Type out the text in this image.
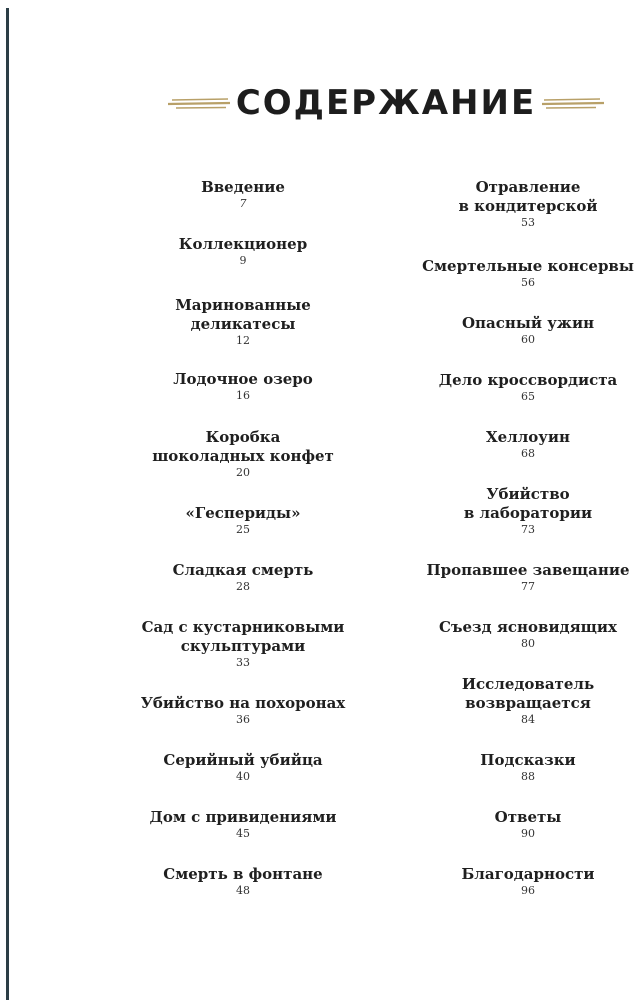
СОДЕРЖАНИЕ
Введение
7
Коллекционер
9
Маринованные
деликатесы
12
Лодочное озеро
16
Коробка
шоколадных конфет
20
«Геспериды»
25
Сладкая смерть
28
Сад с кустарниковыми
скульптурами
33
Убийство на похоронах
36
Серийный убийца
40
Дом с привидениями
45
Смерть в фонтане
48
Отравление
в кондитерской
53
Смертельные консервы
56
Опасный ужин
60
Дело кроссвордиста
65
Хеллоуин
68
Убийство
в лаборатории
73
Пропавшее завещание
77
Съезд ясновидящих
80
Исследователь
возвращается
84
Подсказки
88
Ответы
90
Благодарности
96
